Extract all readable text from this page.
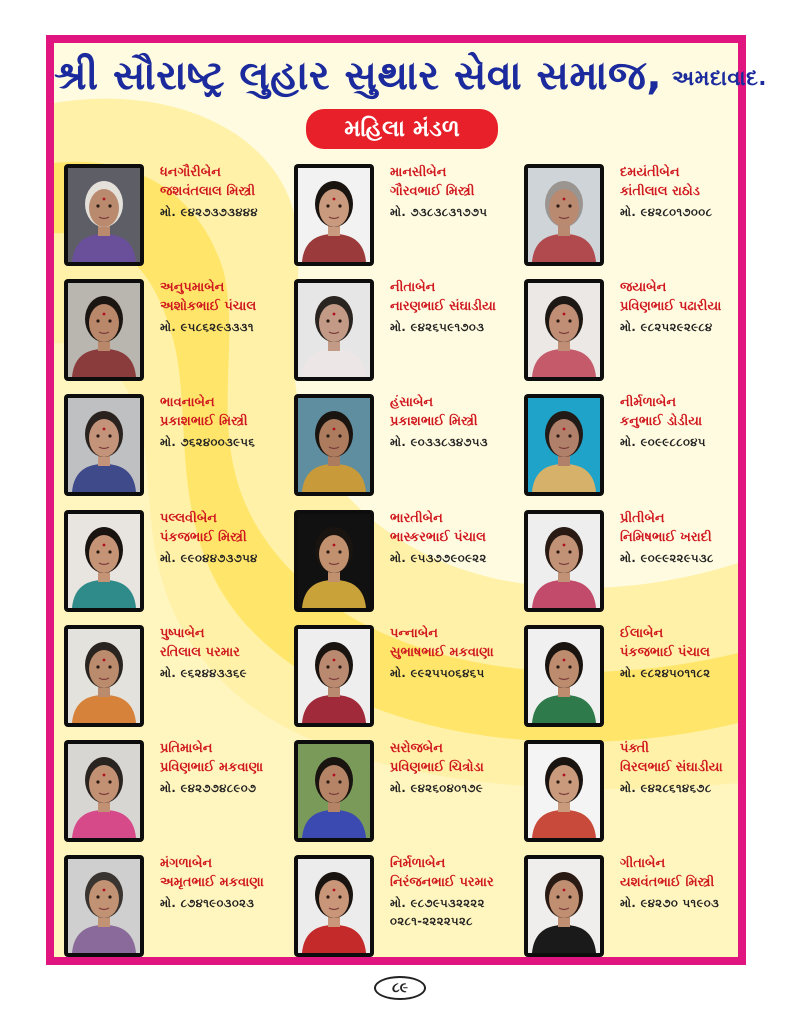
શ્રી સૌરાષ્ટ્ર લુહાર સુથાર સેવા સમાજ, અમદાવાદ.
મહિલા મંડળ
ધનગૌરીબેન
જશવંતલાલ મિસ્ત્રી
મો. ૯૪૨૭૩૭૩૪૪૪
માનસીબેન
ગૌરવભાઈ મિસ્ત્રી
મો. ૭૩૮૩૮૩૧૭૭૫
દમયંતીબેન
કાંતીલાલ રાઠોડ
મો. ૯૪૨૮૦૧૭૦૦૮
અનુપમાબેન
અશોકભાઈ પંચાલ
મો. ૯૫૮૬૨૯૩૩૩૧
નીતાબેન
નારણભાઈ સંઘાડીયા
મો. ૯૪૨૬૫૯૧૭૦૩
જયાબેન
પ્રવિણભાઈ પઢારીયા
મો. ૯૮૨૫૨૯૨૯૮૪
ભાવનાબેન
પ્રકાશભાઈ મિસ્ત્રી
મો. ૭૬૨૪૦૦૩૯૫૬
હંસાબેન
પ્રકાશભાઈ મિસ્ત્રી
મો. ૯૦૩૩૮૩૪૭૫૩
નીર્મળાબેન
કનુભાઈ ડોડીયા
મો. ૯૦૯૯૮૮૦૪૫
પલ્લવીબેન
પંકજભાઈ મિસ્ત્રી
મો. ૯૯૦૪૪૭૩૭૫૪
ભારતીબેન
ભાસ્કરભાઈ પંચાલ
મો. ૯૫૩૭૭૯૦૯૨૨
પ્રીતીબેન
નિમિષભાઈ ખરાદી
મો. ૯૦૯૯૨૨૯૫૩૮
પુષ્પાબેન
રતિલાલ પરમાર
મો. ૯૬૨૪૪૩૩૬૯
પન્નાબેન
સુભાષભાઈ મકવાણા
મો. ૯૯૨૫૫૦૬૪૬૫
ઈલાબેન
પંકજભાઈ પંચાલ
મો. ૯૮૨૪૫૦૧૧૮૨
પ્રતિમાબેન
પ્રવિણભાઈ મકવાણા
મો. ૯૪૨૭૭૪૮૯૦૭
સરોજબેન
પ્રવિણભાઈ ચિત્રોડા
મો. ૯૪૨૬૦૪૦૧૭૯
પંક્તી
વિરલભાઈ સંઘાડીયા
મો. ૯૪૨૮૬૧૪૬૭૮
મંગળાબેન
અમૃતભાઈ મકવાણા
મો. ૮૭૪૧૯૦૩૦૨૩
નિર્મળાબેન
નિરંજનભાઈ પરમાર
મો. ૯૮૭૯૫૩૨૨૨૨
૦૨૮૧-૨૨૨૨૫૨૮
ગીતાબેન
યશવંતભાઈ મિસ્ત્રી
મો. ૯૪૨૭૦ ૫૧૯૦૩
૮૯
